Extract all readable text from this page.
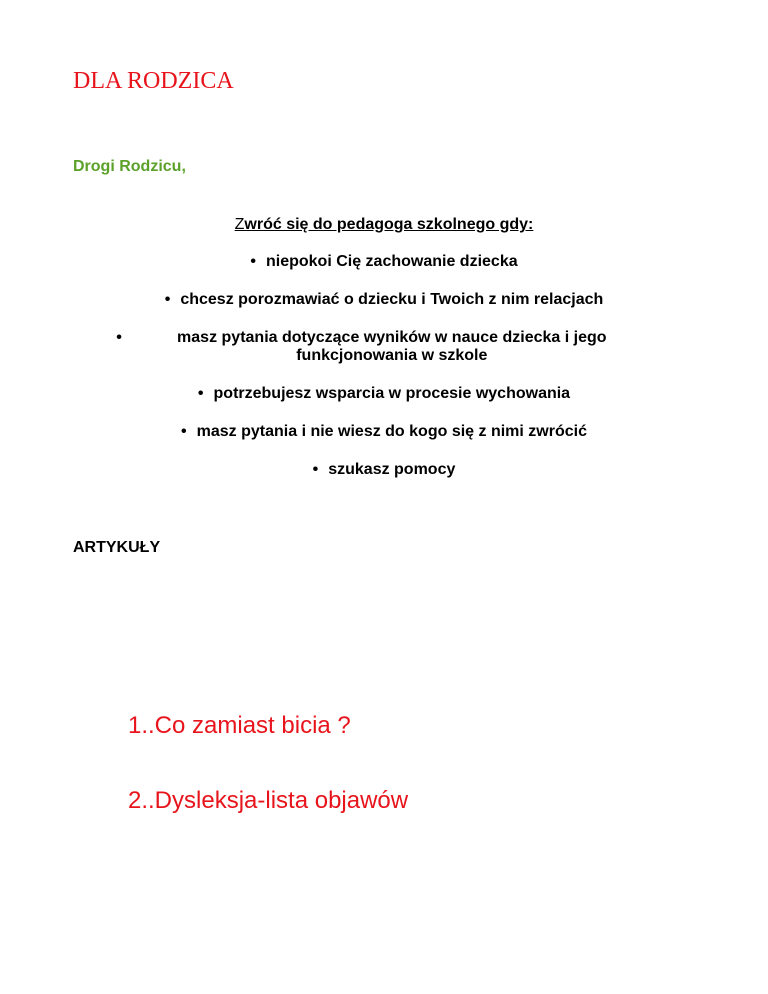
DLA RODZICA

Drogi Rodzicu,

Zwróć się do pedagoga szkolnego gdy:

• niepokoi Cię zachowanie dziecka
• chcesz porozmawiać o dziecku i Twoich z nim relacjach
•	masz pytania dotyczące wyników w nauce dziecka i jego funkcjonowania w szkole
• potrzebujesz wsparcia w procesie wychowania
• masz pytania i nie wiesz do kogo się z nimi zwrócić
• szukasz pomocy

ARTYKUŁY

1..Co zamiast bicia ?
2..Dysleksja-lista objawów
